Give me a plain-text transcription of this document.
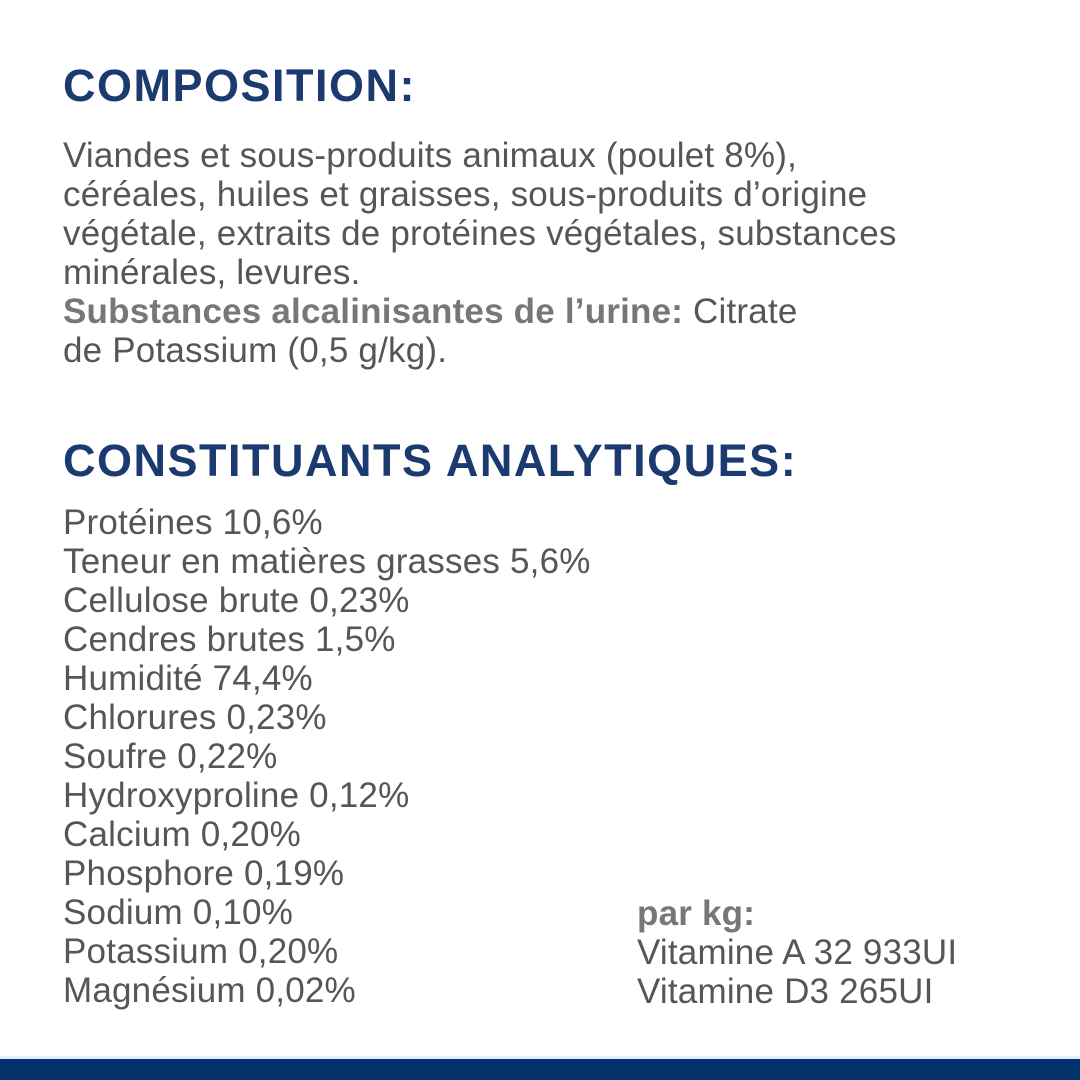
COMPOSITION:
Viandes et sous-produits animaux (poulet 8%),
céréales, huiles et graisses, sous-produits d’origine
végétale, extraits de protéines végétales, substances
minérales, levures.
Substances alcalinisantes de l’urine: Citrate
de Potassium (0,5 g/kg).
CONSTITUANTS ANALYTIQUES:
Protéines 10,6%
Teneur en matières grasses 5,6%
Cellulose brute 0,23%
Cendres brutes 1,5%
Humidité 74,4%
Chlorures 0,23%
Soufre 0,22%
Hydroxyproline 0,12%
Calcium 0,20%
Phosphore 0,19%
Sodium 0,10%
Potassium 0,20%
Magnésium 0,02%
par kg:
Vitamine A 32 933UI
Vitamine D3 265UI
